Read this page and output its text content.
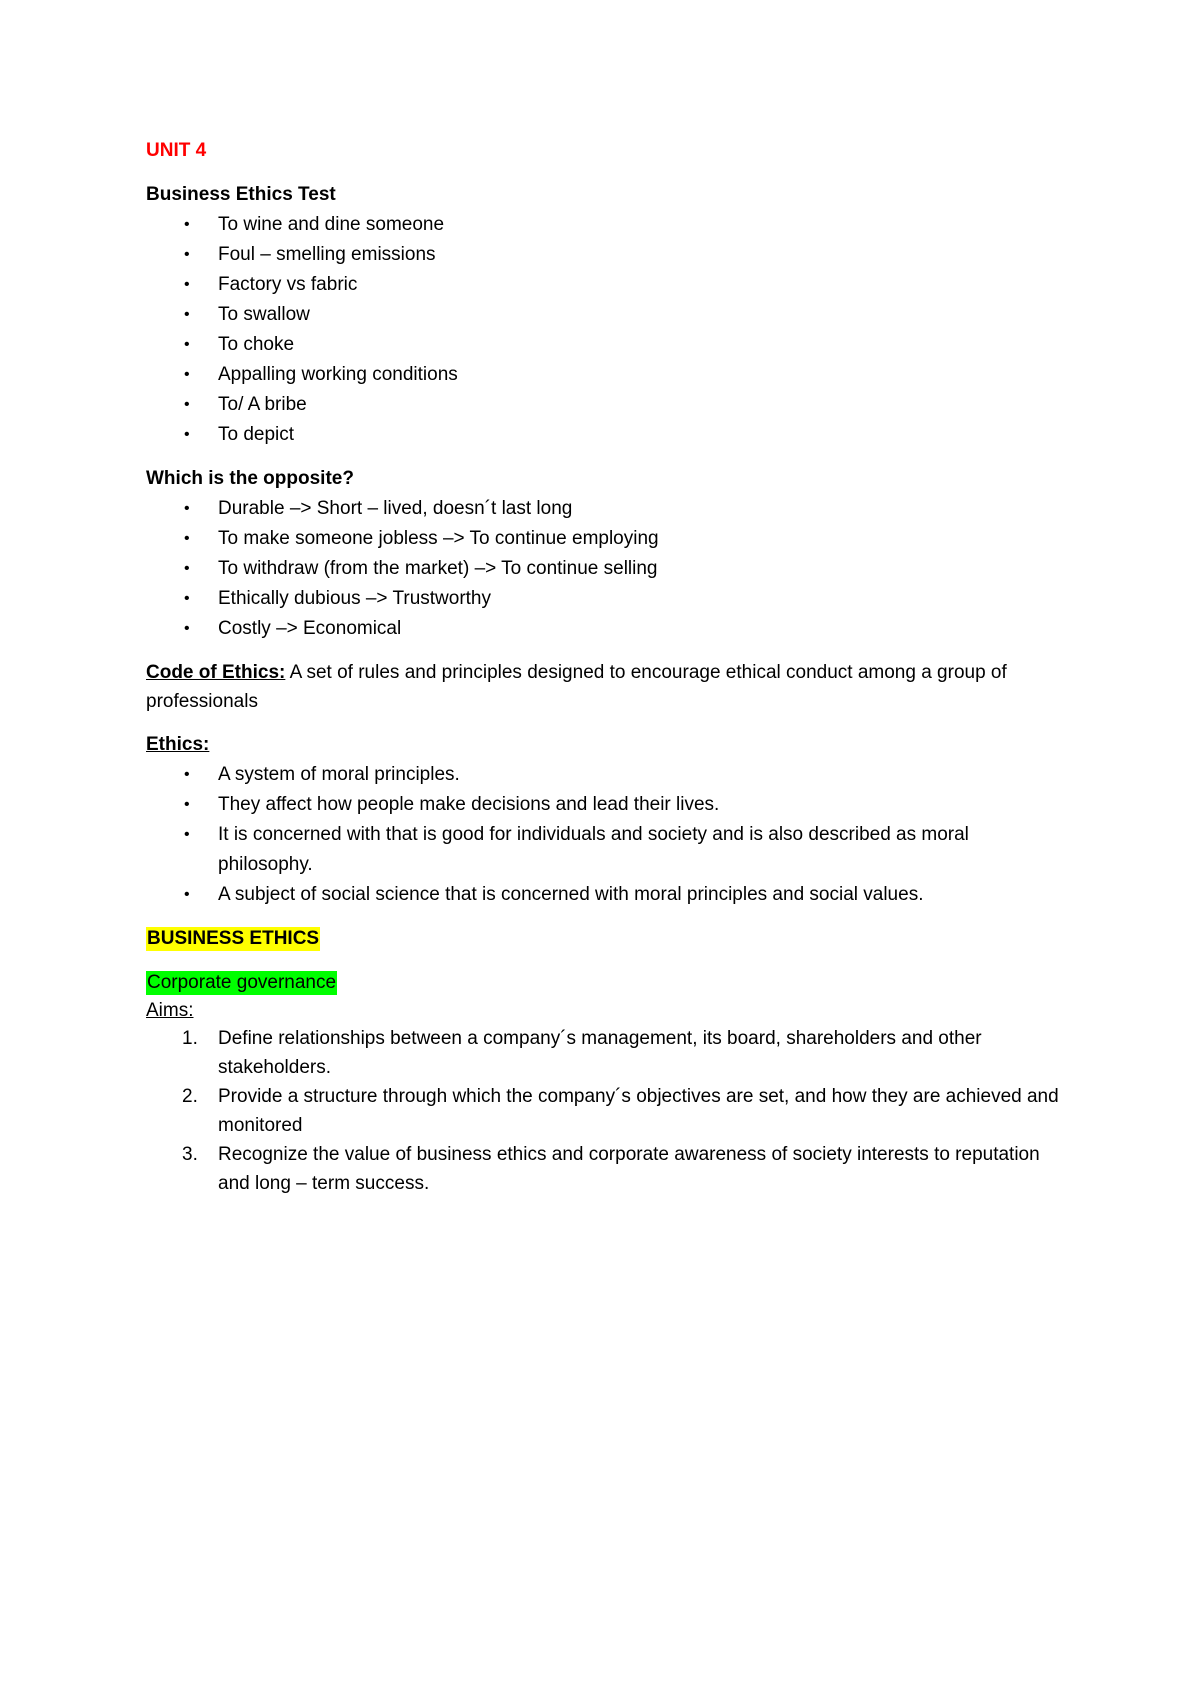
UNIT 4

Business Ethics Test

• To wine and dine someone
• Foul – smelling emissions
• Factory vs fabric
• To swallow
• To choke
• Appalling working conditions
• To/ A bribe
• To depict

Which is the opposite?

• Durable –> Short – lived, doesn´t last long
• To make someone jobless –> To continue employing
• To withdraw (from the market) –> To continue selling
• Ethically dubious –> Trustworthy
• Costly –> Economical

Code of Ethics: A set of rules and principles designed to encourage ethical conduct among a group of professionals

Ethics:

• A system of moral principles.
• They affect how people make decisions and lead their lives.
• It is concerned with that is good for individuals and society and is also described as moral philosophy.
• A subject of social science that is concerned with moral principles and social values.

BUSINESS ETHICS

Corporate governance

Aims:

1. Define relationships between a company´s management, its board, shareholders and other stakeholders.
2. Provide a structure through which the company´s objectives are set, and how they are achieved and monitored
3. Recognize the value of business ethics and corporate awareness of society interests to reputation and long – term success.
